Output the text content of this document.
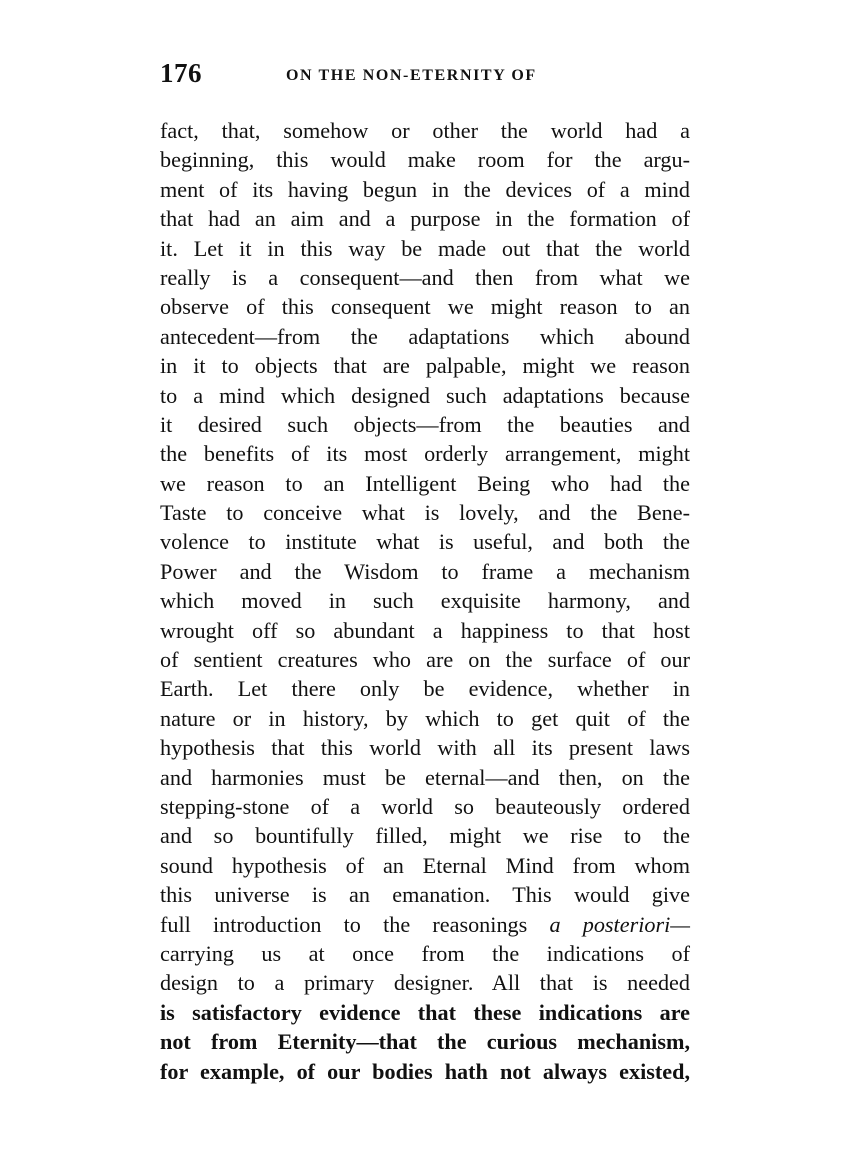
176	ON THE NON-ETERNITY OF
fact, that, somehow or other the world had a
beginning, this would make room for the argu-
ment of its having begun in the devices of a mind
that had an aim and a purpose in the formation of
it. Let it in this way be made out that the world
really is a consequent—and then from what we
observe of this consequent we might reason to an
antecedent—from the adaptations which abound
in it to objects that are palpable, might we reason
to a mind which designed such adaptations because
it desired such objects—from the beauties and
the benefits of its most orderly arrangement, might
we reason to an Intelligent Being who had the
Taste to conceive what is lovely, and the Bene-
volence to institute what is useful, and both the
Power and the Wisdom to frame a mechanism
which moved in such exquisite harmony, and
wrought off so abundant a happiness to that host
of sentient creatures who are on the surface of our
Earth. Let there only be evidence, whether in
nature or in history, by which to get quit of the
hypothesis that this world with all its present laws
and harmonies must be eternal—and then, on the
stepping-stone of a world so beauteously ordered
and so bountifully filled, might we rise to the
sound hypothesis of an Eternal Mind from whom
this universe is an emanation. This would give
full introduction to the reasonings a posteriori—
carrying us at once from the indications of
design to a primary designer. All that is needed
is satisfactory evidence that these indications are
not from Eternity—that the curious mechanism,
for example, of our bodies hath not always existed,
